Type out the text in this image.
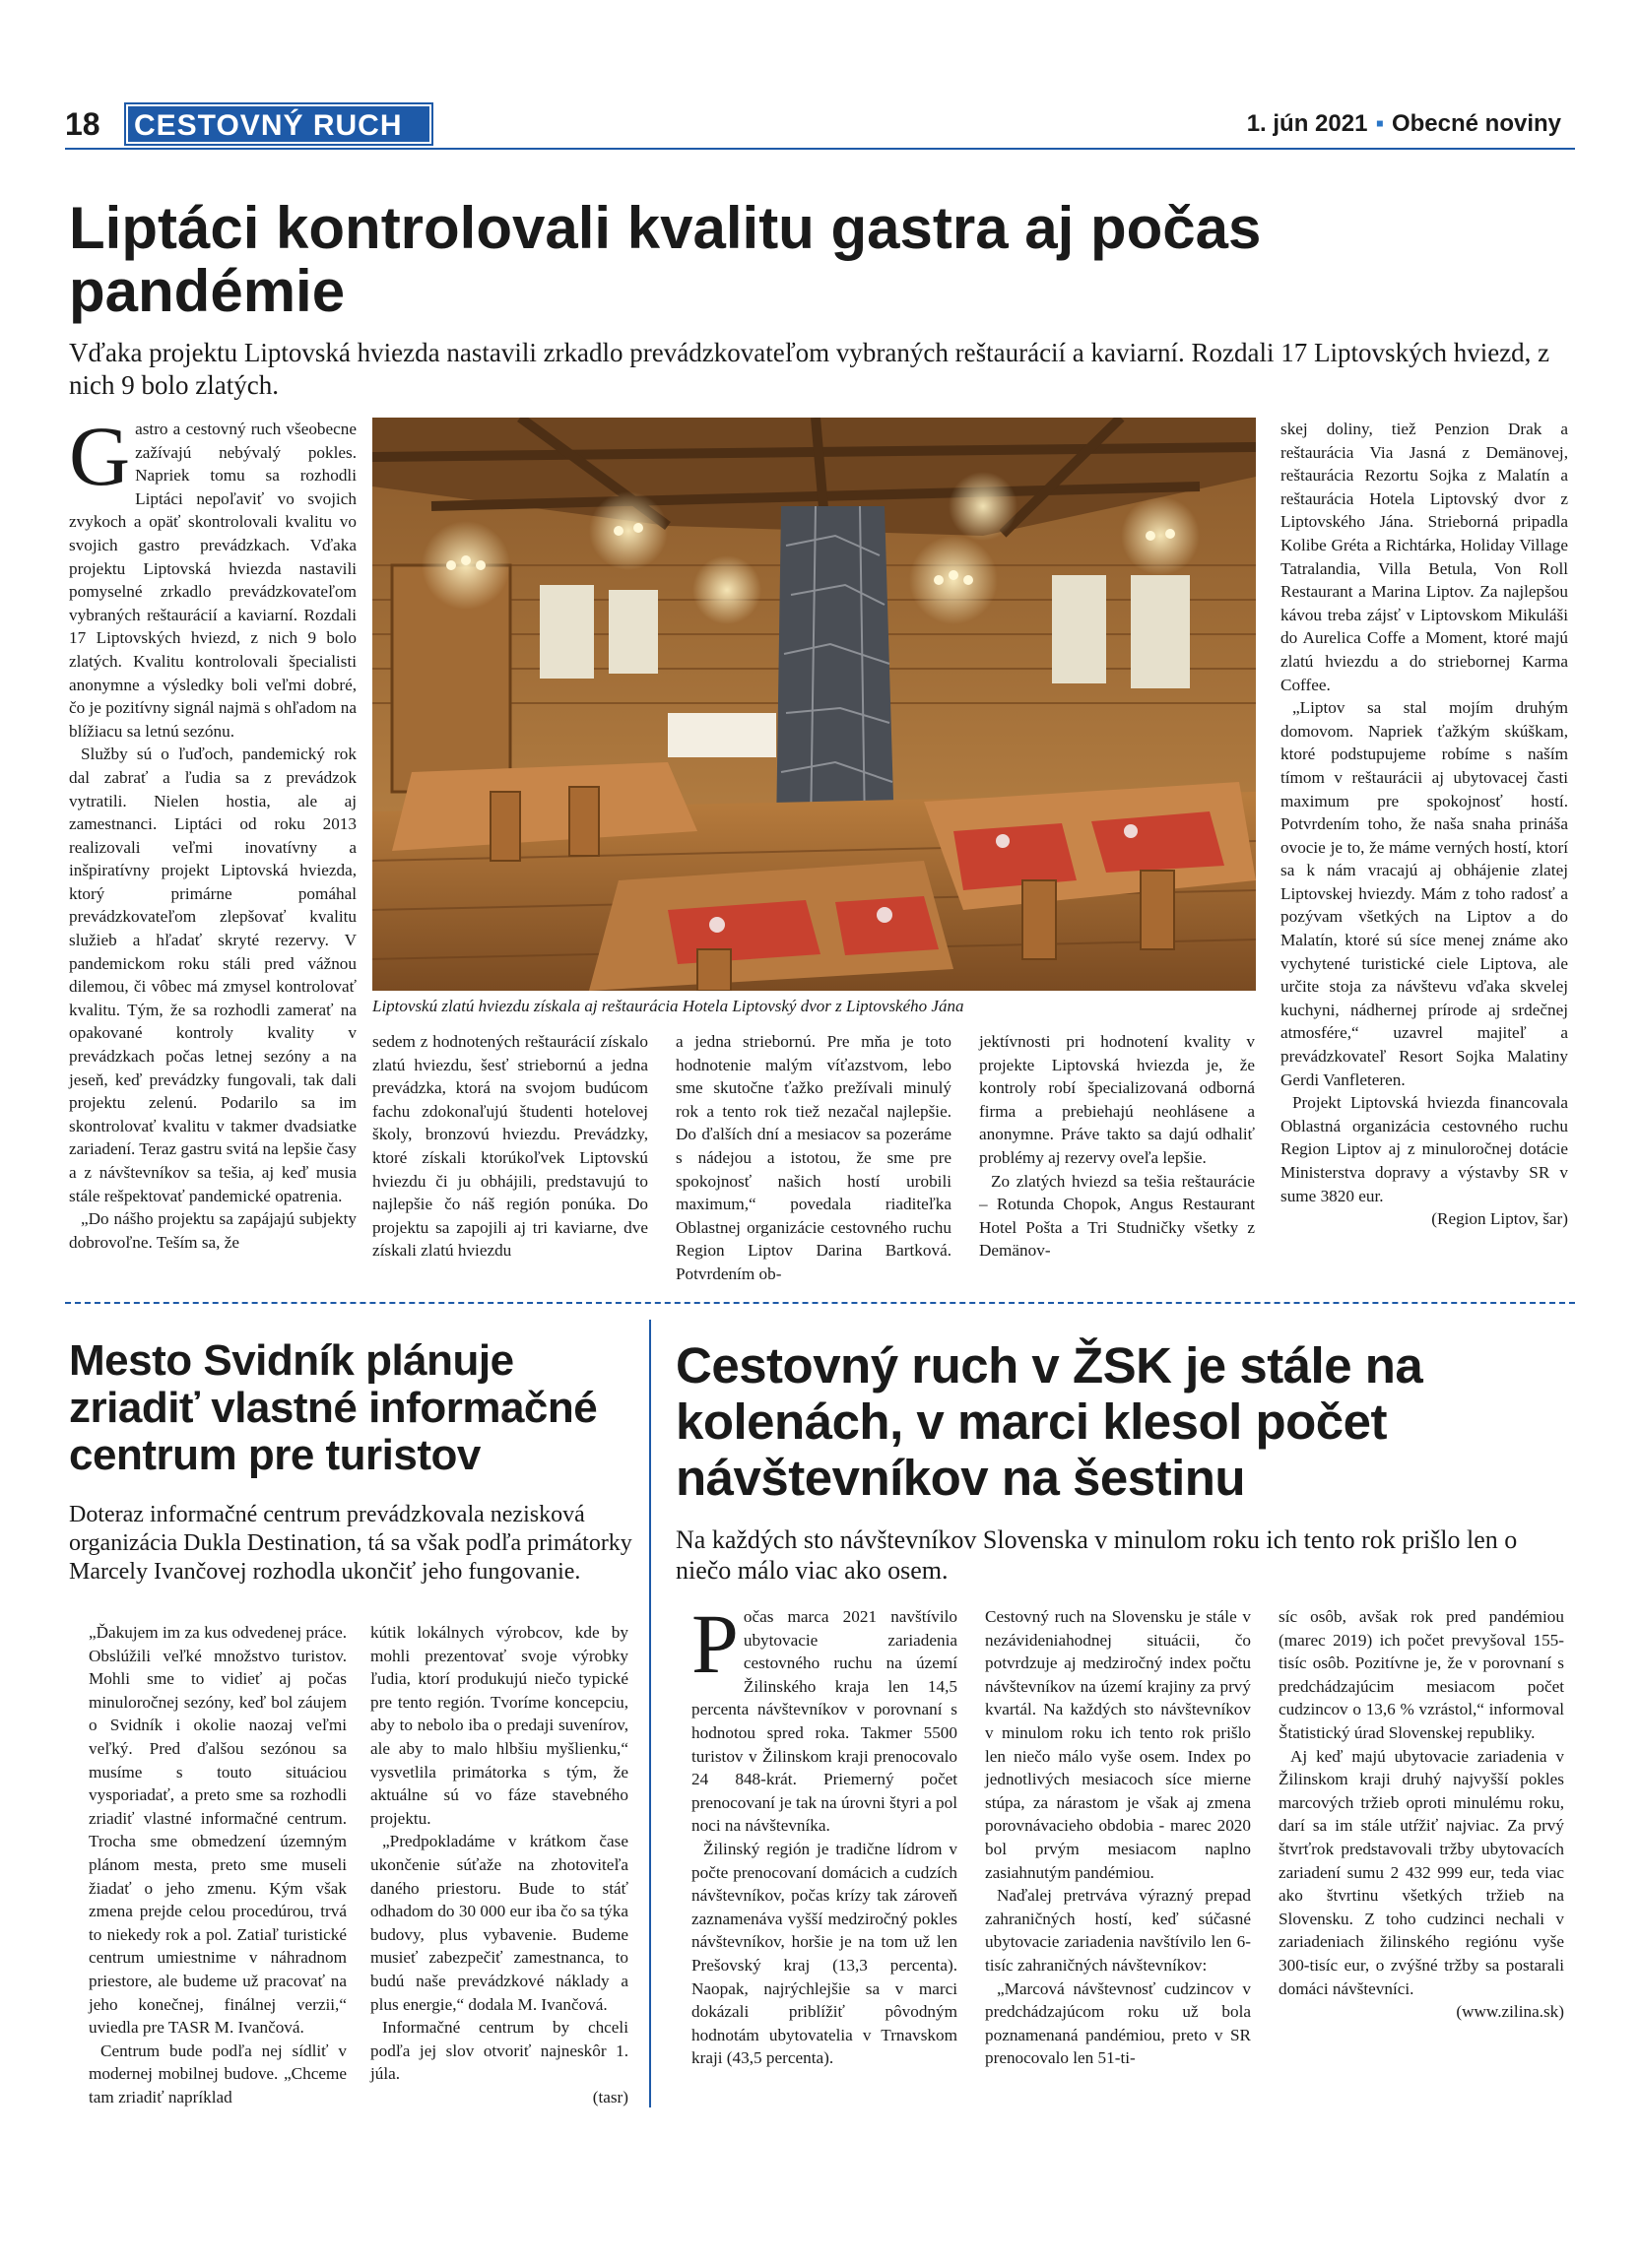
18 CESTOVNÝ RUCH	1. jún 2021 ▪ Obecné noviny
Liptáci kontrolovali kvalitu gastra aj počas pandémie
Vďaka projektu Liptovská hviezda nastavili zrkadlo prevádzkovateľom vybraných reštaurácií a kaviarní. Rozdali 17 Liptovských hviezd, z nich 9 bolo zlatých.

Gastro a cestovný ruch všeobecne zažívajú nebývalý pokles. Napriek tomu sa rozhodli Liptáci nepoľaviť vo svojich zvykoch a opäť skontrolovali kvalitu vo svojich gastro prevádzkach. Vďaka projektu Liptovská hviezda nastavili pomyselné zrkadlo prevádzkovateľom vybraných reštaurácií a kaviarní. Rozdali 17 Liptovských hviezd, z nich 9 bolo zlatých. Kvalitu kontrolovali špecialisti anonymne a výsledky boli veľmi dobré, čo je pozitívny signál najmä s ohľadom na blížiacu sa letnú sezónu.

Služby sú o ľuďoch, pandemický rok dal zabrať a ľudia sa z prevádzok vytratili. Nielen hostia, ale aj zamestnanci. Liptáci od roku 2013 realizovali veľmi inovatívny a inšpiratívny projekt Liptovská hviezda, ktorý primárne pomáhal prevádzkovateľom zlepšovať kvalitu služieb a hľadať skryté rezervy. V pandemickom roku stáli pred vážnou dilemou, či vôbec má zmysel kontrolovať kvalitu. Tým, že sa rozhodli zamerať na opakované kontroly kvality v prevádzkach počas letnej sezóny a na jeseň, keď prevádzky fungovali, tak dali projektu zelenú. Podarilo sa im skontrolovať kvalitu v takmer dvadsiatke zariadení. Teraz gastru svitá na lepšie časy a z návštevníkov sa tešia, aj keď musia stále rešpektovať pandemické opatrenia.

„Do nášho projektu sa zapájajú subjekty dobrovoľne. Teším sa, že

Liptovskú zlatú hviezdu získala aj reštaurácia Hotela Liptovský dvor z Liptovského Jána

sedem z hodnotených reštaurácií získalo zlatú hviezdu, šesť striebornú a jedna prevádzka, ktorá na svojom budúcom fachu zdokonaľujú študenti hotelovej školy, bronzovú hviezdu. Prevádzky, ktoré získali ktorúkoľvek Liptovskú hviezdu či ju obhájili, predstavujú to najlepšie čo náš región ponúka. Do projektu sa zapojili aj tri kaviarne, dve získali zlatú hviezdu

a jedna striebornú. Pre mňa je toto hodnotenie malým víťazstvom, lebo sme skutočne ťažko prežívali minulý rok a tento rok tiež nezačal najlepšie. Do ďalších dní a mesiacov sa pozeráme s nádejou a istotou, že sme pre spokojnosť našich hostí urobili maximum,“ povedala riaditeľka Oblastnej organizácie cestovného ruchu Region Liptov Darina Bartková. Potvrdením ob-

jektívnosti pri hodnotení kvality v projekte Liptovská hviezda je, že kontroly robí špecializovaná odborná firma a prebiehajú neohlásene a anonymne. Práve takto sa dajú odhaliť problémy aj rezervy oveľa lepšie.

Zo zlatých hviezd sa tešia reštaurácie – Rotunda Chopok, Angus Restaurant Hotel Pošta a Tri Studničky všetky z Demänov-

skej doliny, tiež Penzion Drak a reštaurácia Via Jasná z Demänovej, reštaurácia Rezortu Sojka z Malatín a reštaurácia Hotela Liptovský dvor z Liptovského Jána. Strieborná pripadla Kolibe Gréta a Richtárka, Holiday Village Tatralandia, Villa Betula, Von Roll Restaurant a Marina Liptov. Za najlepšou kávou treba zájsť v Liptovskom Mikuláši do Aurelica Coffe a Moment, ktoré majú zlatú hviezdu a do striebornej Karma Coffee.

„Liptov sa stal mojím druhým domovom. Napriek ťažkým skúškam, ktoré podstupujeme robíme s naším tímom v reštaurácii aj ubytovacej časti maximum pre spokojnosť hostí. Potvrdením toho, že naša snaha prináša ovocie je to, že máme verných hostí, ktorí sa k nám vracajú aj obhájenie zlatej Liptovskej hviezdy. Mám z toho radosť a pozývam všetkých na Liptov a do Malatín, ktoré sú síce menej známe ako vychytené turistické ciele Liptova, ale určite stoja za návštevu vďaka skvelej kuchyni, nádhernej prírode aj srdečnej atmosfére,“ uzavrel majiteľ a prevádzkovateľ Resort Sojka Malatiny Gerdi Vanfleteren.

Projekt Liptovská hviezda financovala Oblastná organizácia cestovného ruchu Region Liptov aj z minuloročnej dotácie Ministerstva dopravy a výstavby SR v sume 3820 eur.

(Region Liptov, šar)

Mesto Svidník plánuje zriadiť vlastné informačné centrum pre turistov
Doteraz informačné centrum prevádzkovala nezisková organizácia Dukla Destination, tá sa však podľa primátorky Marcely Ivančovej rozhodla ukončiť jeho fungovanie.

„Ďakujem im za kus odvedenej práce. Obslúžili veľké množstvo turistov. Mohli sme to vidieť aj počas minuloročnej sezóny, keď bol záujem o Svidník i okolie naozaj veľmi veľký. Pred ďalšou sezónou sa musíme s touto situáciou vysporiadať, a preto sme sa rozhodli zriadiť vlastné informačné centrum. Trocha sme obmedzení územným plánom mesta, preto sme museli žiadať o jeho zmenu. Kým však zmena prejde celou procedúrou, trvá to niekedy rok a pol. Zatiaľ turistické centrum umiestnime v náhradnom priestore, ale budeme už pracovať na jeho konečnej, finálnej verzii,“ uviedla pre TASR M. Ivančová.

Centrum bude podľa nej sídliť v modernej mobilnej budove. „Chceme tam zriadiť napríklad

kútik lokálnych výrobcov, kde by mohli prezentovať svoje výrobky ľudia, ktorí produkujú niečo typické pre tento región. Tvoríme koncepciu, aby to nebolo iba o predaji suvenírov, ale aby to malo hlbšiu myšlienku,“ vysvetlila primátorka s tým, že aktuálne sú vo fáze stavebného projektu.

„Predpokladáme v krátkom čase ukončenie súťaže na zhotoviteľa daného priestoru. Bude to stáť odhadom do 30 000 eur iba čo sa týka budovy, plus vybavenie. Budeme musieť zabezpečiť zamestnanca, to budú naše prevádzkové náklady a plus energie,“ dodala M. Ivančová.

Informačné centrum by chceli podľa jej slov otvoriť najneskôr 1. júla.

(tasr)

Cestovný ruch v ŽSK je stále na kolenách, v marci klesol počet návštevníkov na šestinu
Na každých sto návštevníkov Slovenska v minulom roku ich tento rok prišlo len o niečo málo viac ako osem.

Počas marca 2021 navštívilo ubytovacie zariadenia cestovného ruchu na území Žilinského kraja len 14,5 percenta návštevníkov v porovnaní s hodnotou spred roka. Takmer 5500 turistov v Žilinskom kraji prenocovalo 24 848-krát. Priemerný počet prenocovaní je tak na úrovni štyri a pol noci na návštevníka.

Žilinský región je tradične lídrom v počte prenocovaní domácich a cudzích návštevníkov, počas krízy tak zároveň zaznamenáva vyšší medziročný pokles návštevníkov, horšie je na tom už len Prešovský kraj (13,3 percenta). Naopak, najrýchlejšie sa v marci dokázali priblížiť pôvodným hodnotám ubytovatelia v Trnavskom kraji (43,5 percenta).

Cestovný ruch na Slovensku je stále v nezávideniahodnej situácii, čo potvrdzuje aj medziročný index počtu návštevníkov na území krajiny za prvý kvartál. Na každých sto návštevníkov v minulom roku ich tento rok prišlo len niečo málo vyše osem. Index po jednotlivých mesiacoch síce mierne stúpa, za nárastom je však aj zmena porovnávacieho obdobia - marec 2020 bol prvým mesiacom naplno zasiahnutým pandémiou.

Naďalej pretrváva výrazný prepad zahraničných hostí, keď súčasné ubytovacie zariadenia navštívilo len 6-tisíc zahraničných návštevníkov:

„Marcová návštevnosť cudzincov v predchádzajúcom roku už bola poznamenaná pandémiou, preto v SR prenocovalo len 51-ti-

síc osôb, avšak rok pred pandémiou (marec 2019) ich počet prevyšoval 155-tisíc osôb. Pozitívne je, že v porovnaní s predchádzajúcim mesiacom počet cudzincov o 13,6 % vzrástol,“ informoval Štatistický úrad Slovenskej republiky.

Aj keď majú ubytovacie zariadenia v Žilinskom kraji druhý najvyšší pokles marcových tržieb oproti minulému roku, darí sa im stále utŕžiť najviac. Za prvý štvrťrok predstavovali tržby ubytovacích zariadení sumu 2 432 999 eur, teda viac ako štvrtinu všetkých tržieb na Slovensku. Z toho cudzinci nechali v zariadeniach žilinského regiónu vyše 300-tisíc eur, o zvýšné tržby sa postarali domáci návštevníci.

(www.zilina.sk)
